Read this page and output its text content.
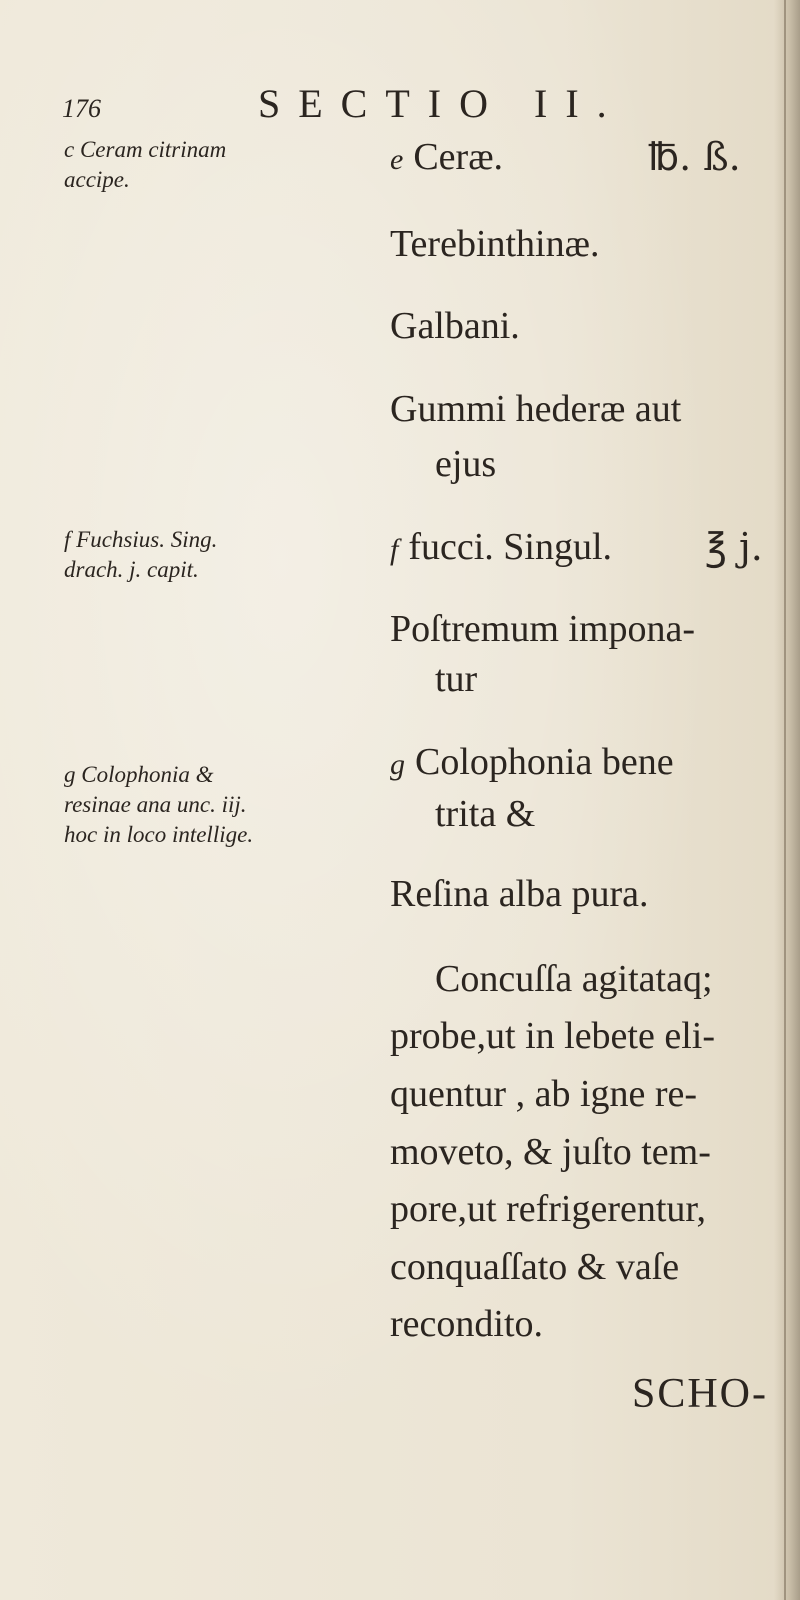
176	SECTIO II.
c Ceram citrinam
accipe.
f Fuchsius. Sing.
drach. j. capit.
g Colophonia &
resinae ana unc. iij.
hoc in loco intellige.
e Ceræ.	℔. ß.
Terebinthinæ.
Galbani.
Gummi hederæ aut
ejus
f fucci. Singul. ℥ j.
Poſtremum impona-
tur
g Colophonia bene
trita &
Reſina alba pura.
Concuſſa agitataq;
probe,ut in lebete eli-
quentur , ab igne re-
moveto, & juſto tem-
pore,ut refrigerentur,
conquaſſato & vaſe
recondito.
SCHO-
